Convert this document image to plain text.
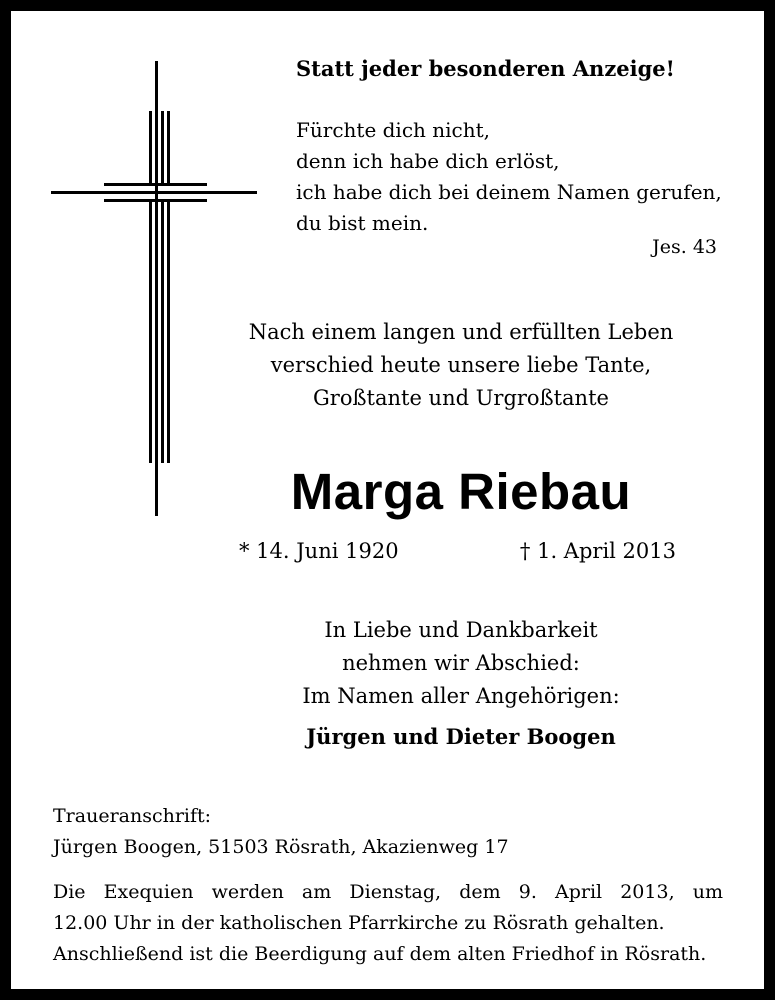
Statt jeder besonderen Anzeige!
Fürchte dich nicht,
denn ich habe dich erlöst,
ich habe dich bei deinem Namen gerufen,
du bist mein.
Jes. 43
Nach einem langen und erfüllten Leben
verschied heute unsere liebe Tante,
Großtante und Urgroßtante
Marga Riebau
* 14. Juni 1920	† 1. April 2013
In Liebe und Dankbarkeit
nehmen wir Abschied:
Im Namen aller Angehörigen:
Jürgen und Dieter Boogen
Traueranschrift:
Jürgen Boogen, 51503 Rösrath, Akazienweg 17
Die Exequien werden am Dienstag, dem 9. April 2013, um
12.00 Uhr in der katholischen Pfarrkirche zu Rösrath gehalten.
Anschließend ist die Beerdigung auf dem alten Friedhof in Rösrath.
